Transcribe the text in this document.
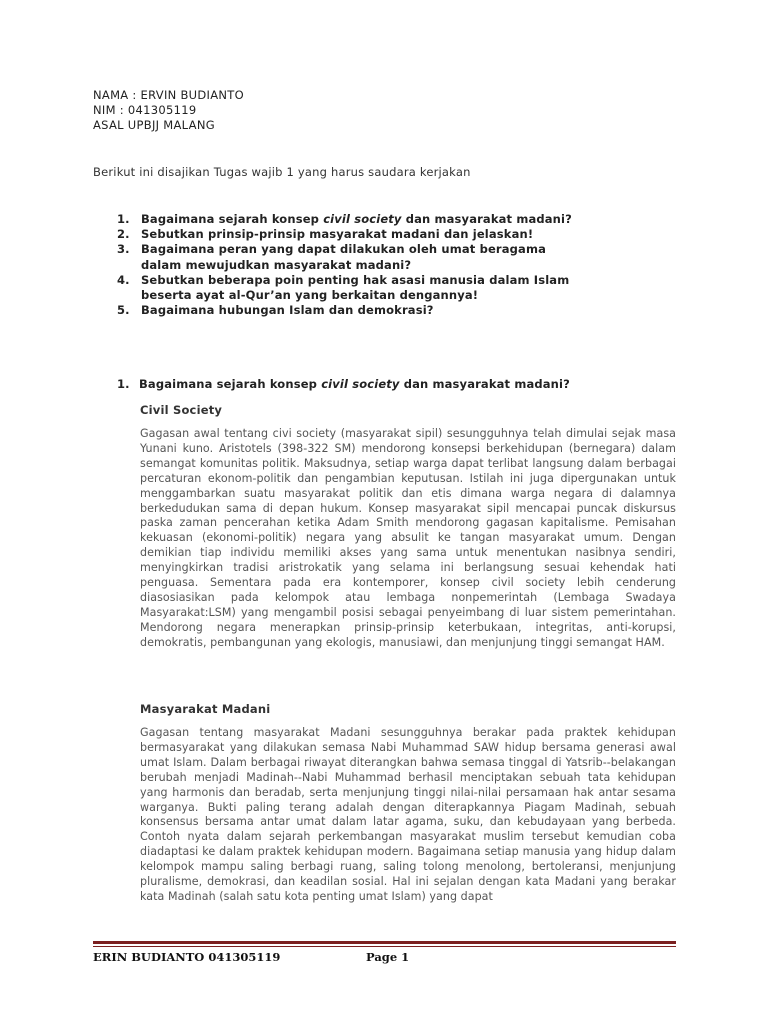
NAMA : ERVIN BUDIANTO
NIM : 041305119
ASAL UPBJJ MALANG
Berikut ini disajikan Tugas wajib 1 yang harus saudara kerjakan
1. Bagaimana sejarah konsep civil society dan masyarakat madani?
2. Sebutkan prinsip-prinsip masyarakat madani dan jelaskan!
3. Bagaimana peran yang dapat dilakukan oleh umat beragama dalam mewujudkan masyarakat madani?
4. Sebutkan beberapa poin penting hak asasi manusia dalam Islam beserta ayat al-Qur’an yang berkaitan dengannya!
5. Bagaimana hubungan Islam dan demokrasi?
1. Bagaimana sejarah konsep civil society dan masyarakat madani?
Civil Society
Gagasan awal tentang civi society (masyarakat sipil) sesungguhnya telah dimulai sejak masa Yunani kuno. Aristotels (398-322 SM) mendorong konsepsi berkehidupan (bernegara) dalam semangat komunitas politik. Maksudnya, setiap warga dapat terlibat langsung dalam berbagai percaturan ekonom-politik dan pengambian keputusan. Istilah ini juga dipergunakan untuk menggambarkan suatu masyarakat politik dan etis dimana warga negara di dalamnya berkedudukan sama di depan hukum. Konsep masyarakat sipil mencapai puncak diskursus paska zaman pencerahan ketika Adam Smith mendorong gagasan kapitalisme. Pemisahan kekuasan (ekonomi-politik) negara yang absulit ke tangan masyarakat umum. Dengan demikian tiap individu memiliki akses yang sama untuk menentukan nasibnya sendiri, menyingkirkan tradisi aristrokatik yang selama ini berlangsung sesuai kehendak hati penguasa. Sementara pada era kontemporer, konsep civil society lebih cenderung diasosiasikan pada kelompok atau lembaga nonpemerintah (Lembaga Swadaya Masyarakat:LSM) yang mengambil posisi sebagai penyeimbang di luar sistem pemerintahan. Mendorong negara menerapkan prinsip-prinsip keterbukaan, integritas, anti-korupsi, demokratis, pembangunan yang ekologis, manusiawi, dan menjunjung tinggi semangat HAM.
Masyarakat Madani
Gagasan tentang masyarakat Madani sesungguhnya berakar pada praktek kehidupan bermasyarakat yang dilakukan semasa Nabi Muhammad SAW hidup bersama generasi awal umat Islam. Dalam berbagai riwayat diterangkan bahwa semasa tinggal di Yatsrib--belakangan berubah menjadi Madinah--Nabi Muhammad berhasil menciptakan sebuah tata kehidupan yang harmonis dan beradab, serta menjunjung tinggi nilai-nilai persamaan hak antar sesama warganya. Bukti paling terang adalah dengan diterapkannya Piagam Madinah, sebuah konsensus bersama antar umat dalam latar agama, suku, dan kebudayaan yang berbeda. Contoh nyata dalam sejarah perkembangan masyarakat muslim tersebut kemudian coba diadaptasi ke dalam praktek kehidupan modern. Bagaimana setiap manusia yang hidup dalam kelompok mampu saling berbagi ruang, saling tolong menolong, bertoleransi, menjunjung pluralisme, demokrasi, dan keadilan sosial. Hal ini sejalan dengan kata Madani yang berakar kata Madinah (salah satu kota penting umat Islam) yang dapat
ERIN BUDIANTO 041305119	Page 1
